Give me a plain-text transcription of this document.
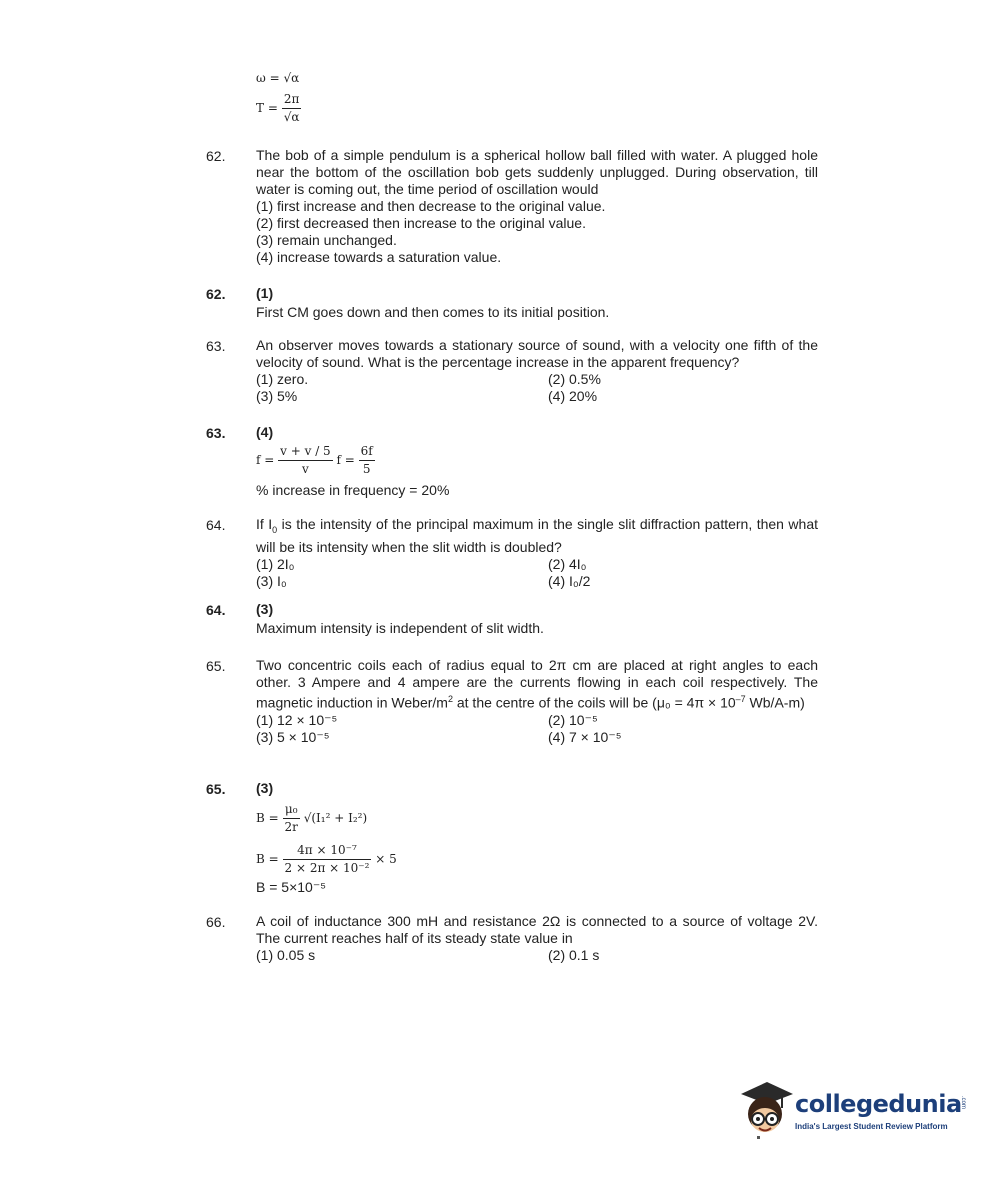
ω = √α
$T = \frac{2\pi}{√\alpha}$
62.	The bob of a simple pendulum is a spherical hollow ball filled with water. A plugged hole near the bottom of the oscillation bob gets suddenly unplugged. During observation, till water is coming out, the time period of oscillation would
(1) first increase and then decrease to the original value.
(2) first decreased then increase to the original value.
(3) remain unchanged.
(4) increase towards a saturation value.
62.	(1)
First CM goes down and then comes to its initial position.
63.	An observer moves towards a stationary source of sound, with a velocity one fifth of the velocity of sound. What is the percentage increase in the apparent frequency?
(1) zero.	(2) 0.5%
(3) 5%	(4) 20%
63.	(4)
$f = \frac{v + v / 5}{v}$ $f = \frac{6f}{5}$
% increase in frequency = 20%
64.	If $I_0$ is the intensity of the principal maximum in the single slit diffraction pattern, then what will be its intensity when the slit width is doubled?
(1) 2I₀	(2) 4I₀
(3) I₀	(4) I₀/2
64.	(3)
Maximum intensity is independent of slit width.
65.	Two concentric coils each of radius equal to 2π cm are placed at right angles to each other. 3 Ampere and 4 ampere are the currents flowing in each coil respectively. The magnetic induction in Weber/$m^2$ at the centre of the coils will be ($\mu_0 = 4\pi \times 10^{-7}$ Wb/A-m)
(1) 12 × 10⁻⁵	(2) 10⁻⁵
(3) 5 × 10⁻⁵	(4) 7 × 10⁻⁵
65.	(3)
$B = \frac{\text{μ₀}}{2r} √(I_1^2 + I_2^2)$
$B = \frac{\text{4π × 10⁻⁷}}{\text{2 × 2π × 10⁻²}} \times 5$
B = 5×10⁻⁵
66.	A coil of inductance 300 mH and resistance 2Ω is connected to a source of voltage 2V. The current reaches half of its steady state value in
(1) 0.05 s	(2) 0.1 s
collegedunia
.com
India's Largest Student Review Platform
